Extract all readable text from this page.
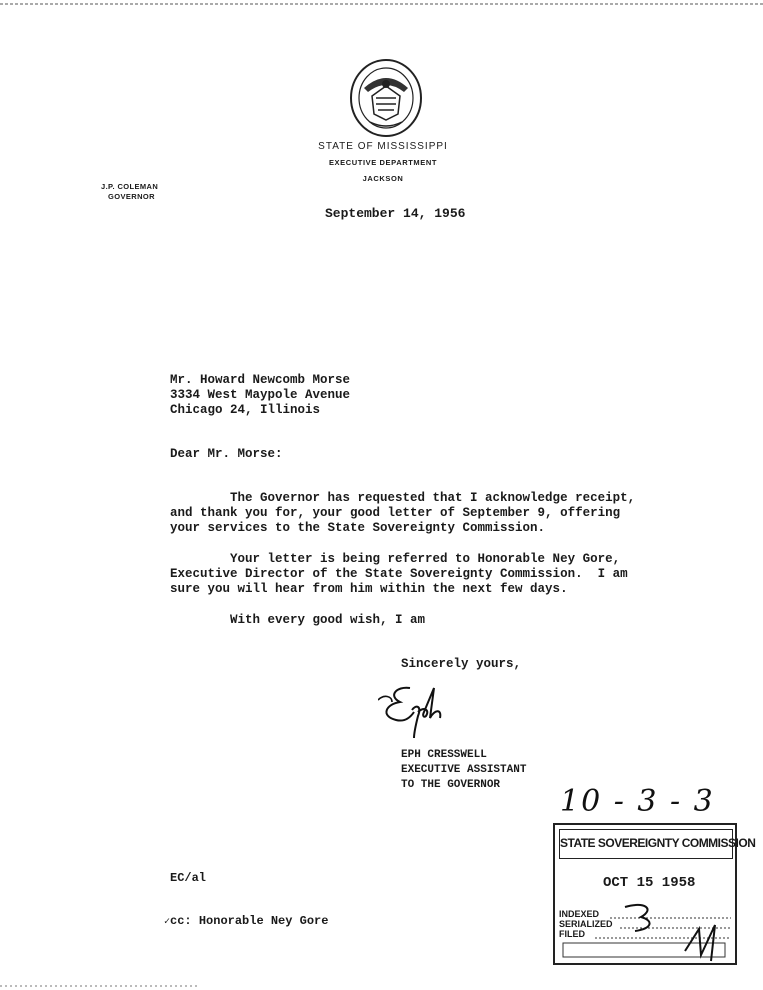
STATE OF MISSISSIPPI
EXECUTIVE DEPARTMENT
JACKSON
J.P. COLEMAN
GOVERNOR
September 14, 1956
Mr. Howard Newcomb Morse
3334 West Maypole Avenue
Chicago 24, Illinois
Dear Mr. Morse:
The Governor has requested that I acknowledge receipt,
and thank you for, your good letter of September 9, offering
your services to the State Sovereignty Commission.
Your letter is being referred to Honorable Ney Gore,
Executive Director of the State Sovereignty Commission.  I am
sure you will hear from him within the next few days.
With every good wish, I am
Sincerely yours,
EPH CRESSWELL
EXECUTIVE ASSISTANT
TO THE GOVERNOR	10 - 3 - 3
STATE SOVEREIGNTY COMMISSION
OCT 15 1958
INDEXED
SERIALIZED
FILED
EC/al
✓cc: Honorable Ney Gore
